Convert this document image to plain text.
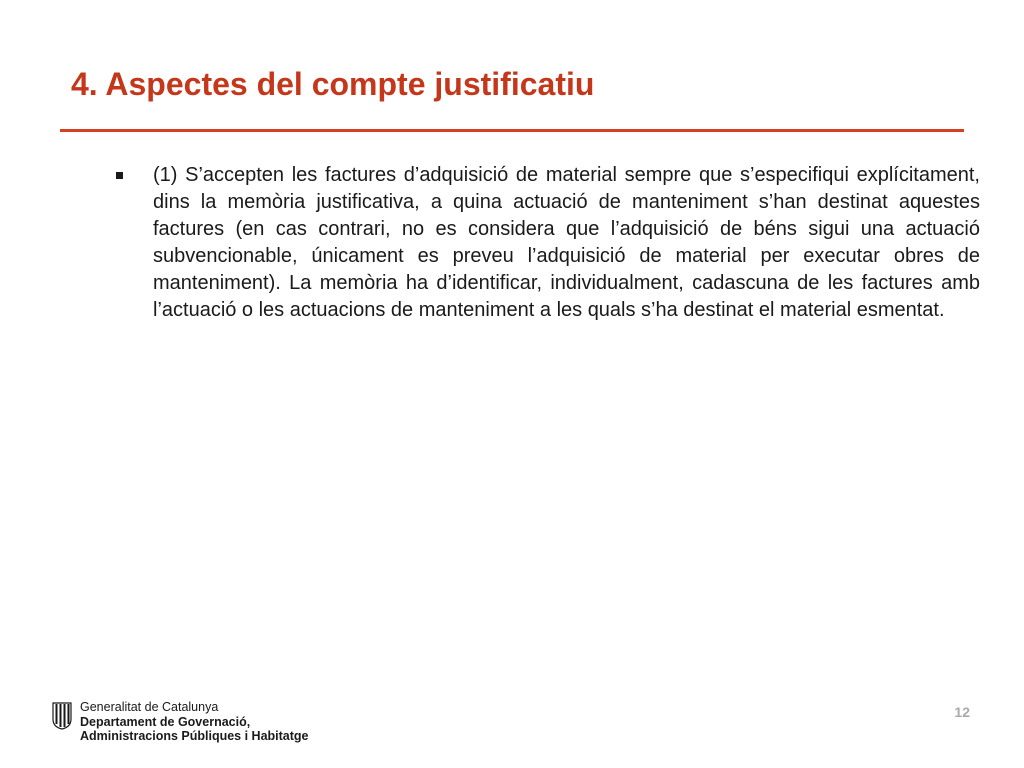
4. Aspectes del compte justificatiu
(1) S’accepten les factures d’adquisició de material sempre que s’especifiqui explícitament, dins la memòria justificativa, a quina actuació de manteniment s’han destinat aquestes factures (en cas contrari, no es considera que l’adquisició de béns sigui una actuació subvencionable, únicament es preveu l’adquisició de material per executar obres de manteniment). La memòria ha d’identificar, individualment, cadascuna de les factures amb l’actuació o les actuacions de manteniment a les quals s’ha destinat el material esmentat.
Generalitat de Catalunya
Departament de Governació,
Administracions Públiques i Habitatge
12
